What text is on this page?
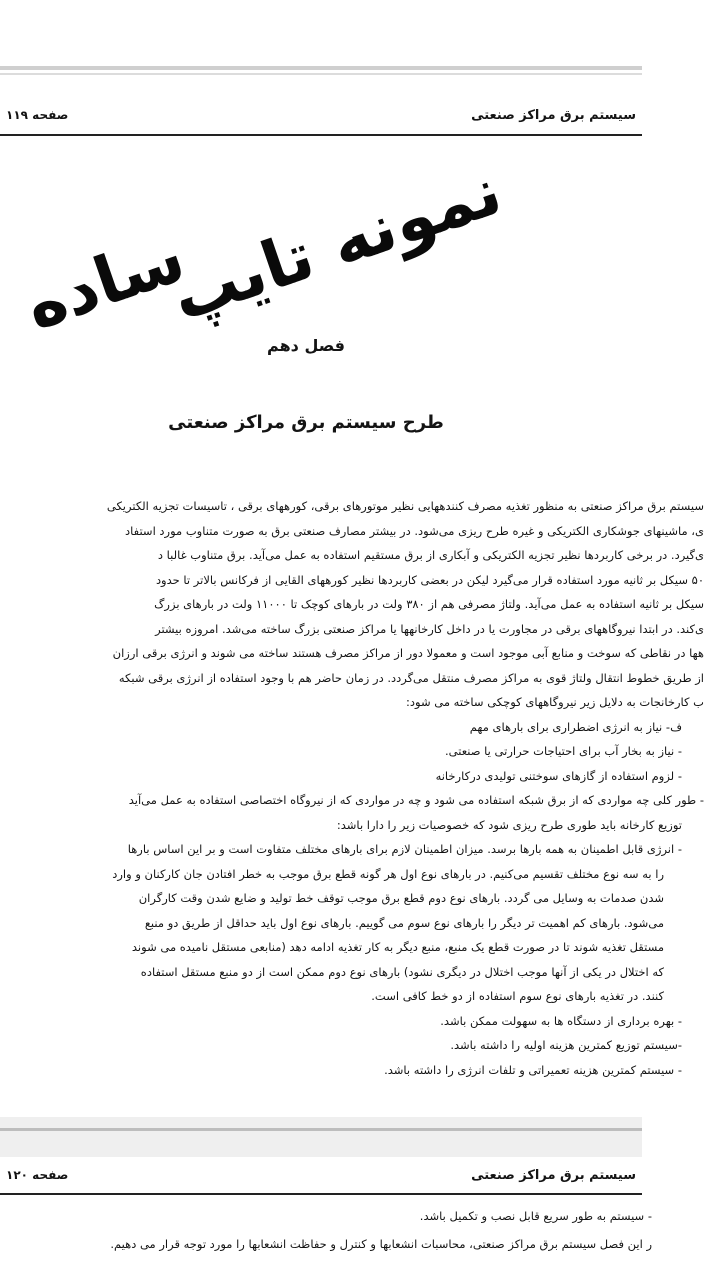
سیستم برق مراکز صنعتی
صفحه ۱۱۹
نمونه تایپ
ساده
فصل دهم
طرح سیستم برق مراکز صنعتی

سیستم برق مراکز صنعتی به منظور تغذیه مصرف کنندههایی نظیر موتورهای برقی، کورههای برقی ، تاسیسات تجزیه الکتریکی

ی، ماشینهای جوشکاری الکتریکی و غیره طرح ریزی می‌شود. در بیشتر مصارف صنعتی برق به صورت متناوب مورد استفاد

ی‌گیرد. در برخی کاربردها نظیر تجزیه الکتریکی و آبکاری از برق مستقیم استفاده به عمل می‌آید. برق متناوب غالبا د

۵۰ سیکل بر ثانیه مورد استفاده قرار می‌گیرد لیکن در بعضی کاربردها نظیر کورههای القایی از فرکانس بالاتر تا حدود

سیکل بر ثانیه استفاده به عمل می‌آید. ولتاژ مصرفی هم از ۳۸۰ ولت در بارهای کوچک تا ۱۱۰۰۰ ولت در بارهای بزرگ

ی‌کند. در ابتدا نیروگاههای برقی در مجاورت یا در داخل کارخانهها یا مراکز صنعتی بزرگ ساخته می‌شد. امروزه بیشتر

هها در نقاطی که سوخت و منابع آبی موجود است و معمولا دور از مراکز مصرف هستند ساخته می شوند و انرژی برقی ارزان

از طریق خطوط انتقال ولتاژ قوی به مراکز مصرف منتقل می‌گردد. در زمان حاضر هم با وجود استفاده از انرژی برقی شبکه

ب کارخانجات به دلایل زیر نیروگاههای کوچکی ساخته می شود:

ف- نیاز به انرژی اضطراری برای بارهای مهم

- نیاز به بخار آب برای احتیاجات حرارتی یا صنعتی.

- لزوم استفاده از گازهای سوختنی تولیدی درکارخانه

- طور کلی چه مواردی که از برق شبکه استفاده می شود و چه در مواردی که از نیروگاه اختصاصی استفاده به عمل می‌آید

توزیع کارخانه باید طوری طرح ریزی شود که خصوصیات زیر را دارا باشد:

- انرژی قابل اطمینان به همه بارها برسد. میزان اطمینان لازم برای بارهای مختلف متفاوت است و بر این اساس بارها

را به سه نوع مختلف تقسیم می‌کنیم. در بارهای نوع اول هر گونه قطع برق موجب به خطر افتادن جان کارکنان و وارد

شدن صدمات به وسایل می گردد. بارهای نوع دوم قطع برق موجب توقف خط تولید و ضایع شدن وقت کارگران

می‌شود. بارهای کم اهمیت تر دیگر را بارهای نوع سوم می گوییم. بارهای نوع اول باید حداقل از طریق دو منبع

مستقل تغذیه شوند تا در صورت قطع یک منبع، منبع دیگر به کار تغذیه ادامه دهد (منابعی مستقل نامیده می شوند

که اختلال در یکی از آنها موجب اختلال در دیگری نشود) بارهای نوع دوم ممکن است از دو منبع مستقل استفاده

کنند. در تغذیه بارهای نوع سوم استفاده از دو خط کافی است.

- بهره برداری از دستگاه ها به سهولت ممکن باشد.

-سیستم توزیع کمترین هزینه اولیه را داشته باشد.

- سیستم کمترین هزینه تعمیراتی و تلفات انرژی را داشته باشد.

سیستم برق مراکز صنعتی
صفحه ۱۲۰

- سیستم به طور سریع قابل نصب و تکمیل باشد.

ر این فصل سیستم برق مراکز صنعتی، محاسبات انشعابها و کنترل و حفاظت انشعابها را مورد توجه قرار می دهیم.
